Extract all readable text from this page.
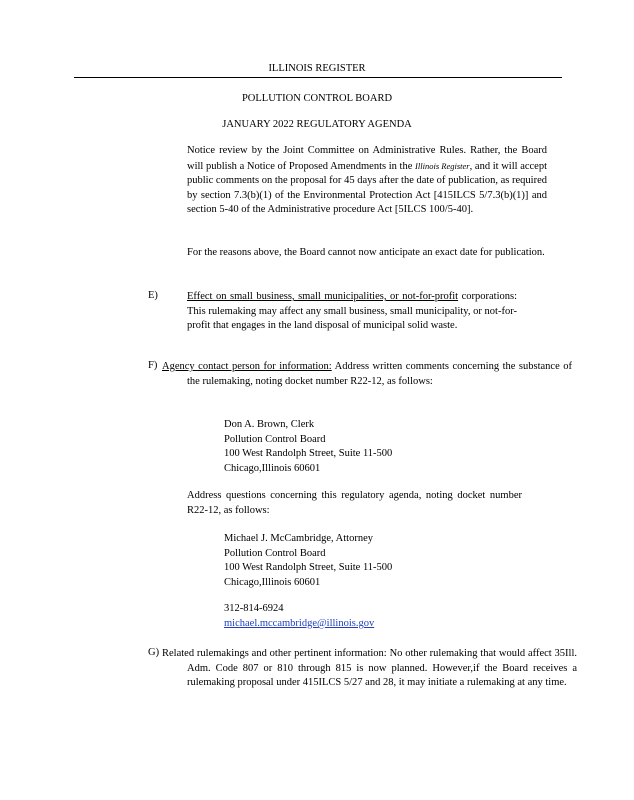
ILLINOIS REGISTER
POLLUTION CONTROL BOARD
JANUARY 2022 REGULATORY AGENDA
Notice review by the Joint Committee on Administrative Rules. Rather, the Board will publish a Notice of Proposed Amendments in the Illinois Register, and it will accept public comments on the proposal for 45 days after the date of publication, as required by section 7.3(b)(1) of the Environmental Protection Act [415ILCS 5/7.3(b)(1)] and section 5-40 of the Administrative procedure Act [5ILCS 100/5-40].
For the reasons above, the Board cannot now anticipate an exact date for publication.
E)	Effect on small business, small municipalities, or not-for-profit corporations: This rulemaking may affect any small business, small municipality, or not-for-profit that engages in the land disposal of municipal solid waste.
F) Agency contact person for information: Address written comments concerning the substance of the rulemaking, noting docket number R22-12, as follows:
Don A. Brown, Clerk
Pollution Control Board
100 West Randolph Street, Suite 11-500
Chicago,Illinois 60601
Address questions concerning this regulatory agenda, noting docket number R22-12, as follows:
Michael J. McCambridge, Attorney
Pollution Control Board
100 West Randolph Street, Suite 11-500
Chicago,Illinois 60601
312-814-6924
michael.mccambridge@illinois.gov
G) Related rulemakings and other pertinent information: No other rulemaking that would affect 35Ill. Adm. Code 807 or 810 through 815 is now planned. However,if the Board receives a rulemaking proposal under 415ILCS 5/27 and 28, it may initiate a rulemaking at any time.
